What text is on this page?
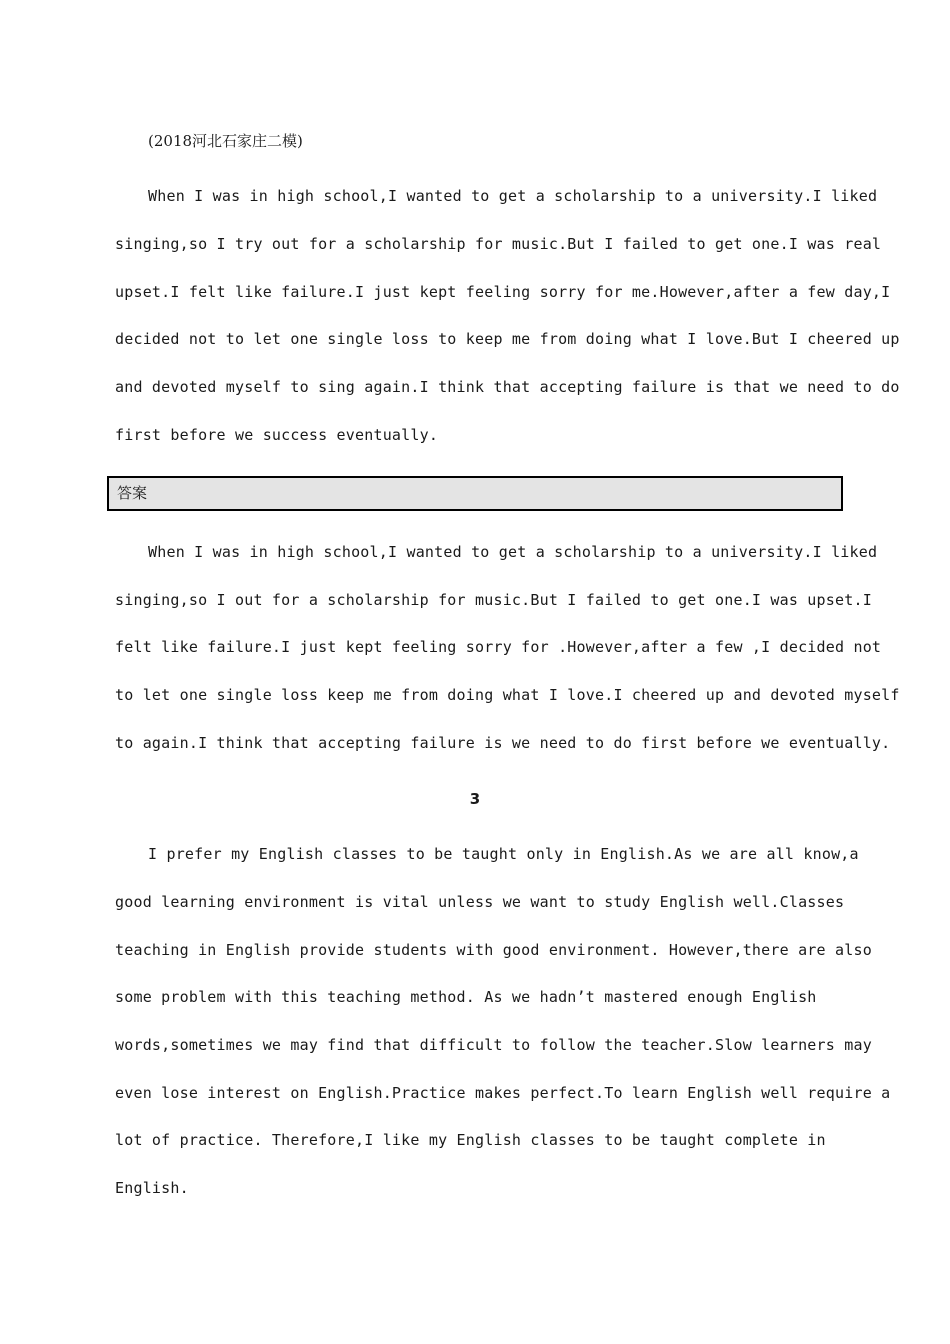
(2018河北石家庄二模)
When I was in high school,I wanted to get a scholarship to a university.I liked
singing,so I try out for a scholarship for music.But I failed to get one.I was real
upset.I felt like failure.I just kept feeling sorry for me.However,after a few day,I
decided not to let one single loss to keep me from doing what I love.But I cheered up
and devoted myself to sing again.I think that accepting failure is that we need to do
first before we success eventually.
答案
When I was in high school,I wanted to get a scholarship to a university.I liked
singing,so I out for a scholarship for music.But I failed to get one.I was upset.I
felt like failure.I just kept feeling sorry for .However,after a few ,I decided not
to let one single loss keep me from doing what I love.I cheered up and devoted myself
to again.I think that accepting failure is we need to do first before we eventually.
3
I prefer my English classes to be taught only in English.As we are all know,a
good learning environment is vital unless we want to study English well.Classes
teaching in English provide students with good environment. However,there are also
some problem with this teaching method. As we hadn’t mastered enough English
words,sometimes we may find that difficult to follow the teacher.Slow learners may
even lose interest on English.Practice makes perfect.To learn English well require a
lot of practice. Therefore,I like my English classes to be taught complete in
English.
